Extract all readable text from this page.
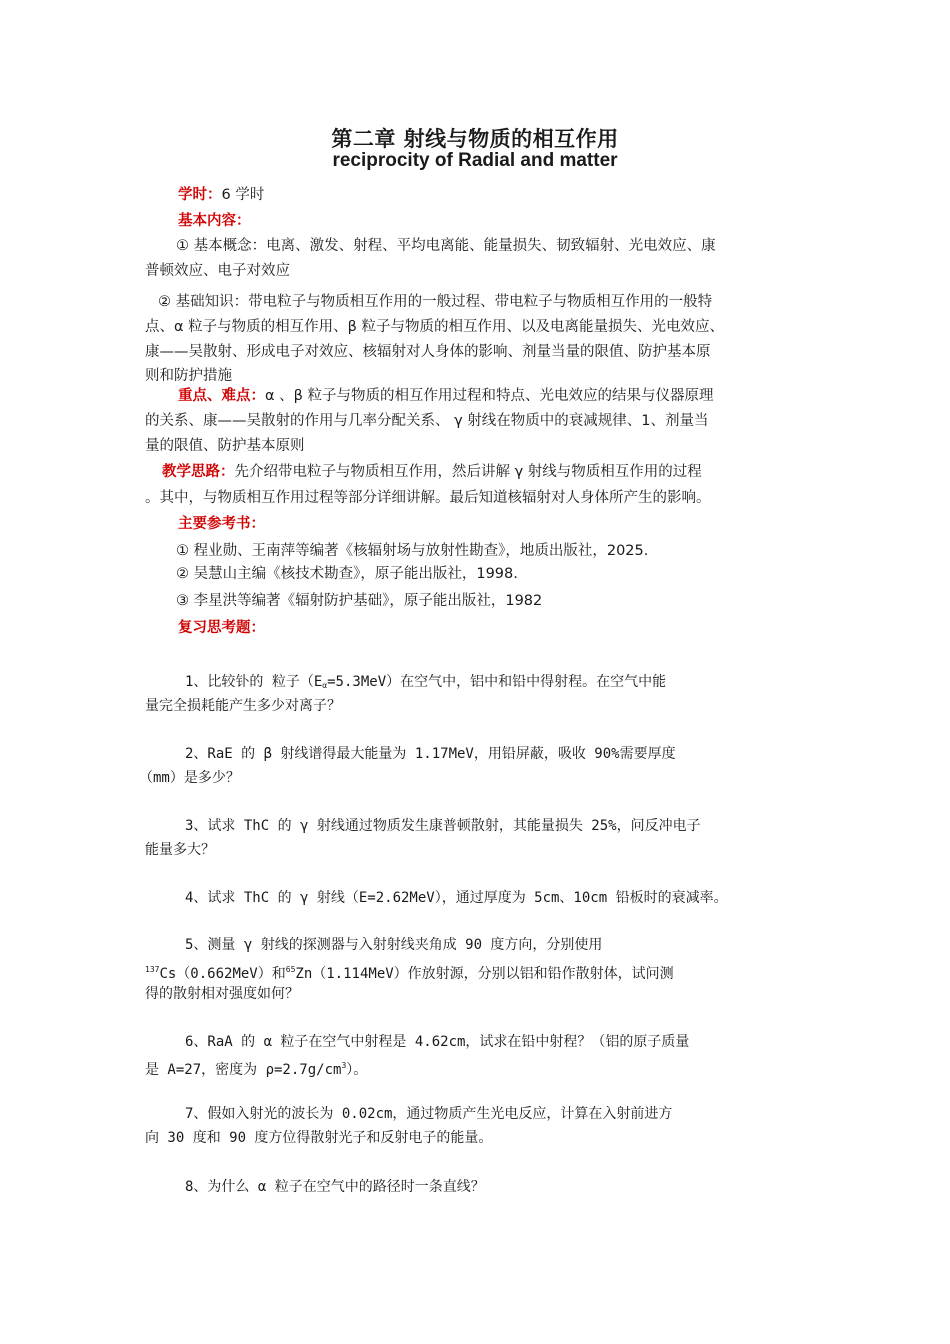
第二章 射线与物质的相互作用
reciprocity of Radial and matter
学时：6 学时
基本内容：
① 基本概念：电离、激发、射程、平均电离能、能量损失、韧致辐射、光电效应、康
普顿效应、电子对效应
② 基础知识：带电粒子与物质相互作用的一般过程、带电粒子与物质相互作用的一般特
点、α 粒子与物质的相互作用、β 粒子与物质的相互作用、以及电离能量损失、光电效应、
康——吴散射、形成电子对效应、核辐射对人身体的影响、剂量当量的限值、防护基本原
则和防护措施
重点、难点：α 、β 粒子与物质的相互作用过程和特点、光电效应的结果与仪器原理
的关系、康——吴散射的作用与几率分配关系、 γ 射线在物质中的衰减规律、1、剂量当
量的限值、防护基本原则
教学思路：先介绍带电粒子与物质相互作用，然后讲解 γ 射线与物质相互作用的过程
。其中，与物质相互作用过程等部分详细讲解。最后知道核辐射对人身体所产生的影响。
主要参考书：
① 程业勋、王南萍等编著《核辐射场与放射性勘查》，地质出版社，2025.
② 吴慧山主编《核技术勘查》，原子能出版社，1998.
③ 李星洪等编著《辐射防护基础》，原子能出版社，1982
复习思考题：
1、比较钋的 粒子$(E_\alpha=5.3MeV)$在空气中，铝中和铅中得射程。在空气中能
量完全损耗能产生多少对离子？
2、RaE 的 β 射线谱得最大能量为 1.17MeV，用铅屏蔽，吸收 90%需要厚度
（mm）是多少？
3、试求 ThC 的 γ 射线通过物质发生康普顿散射，其能量损失 25%，问反冲电子
能量多大？
4、试求 ThC 的 γ 射线（E=2.62MeV），通过厚度为 5cm、10cm 铅板时的衰减率。
5、测量 γ 射线的探测器与入射射线夹角成 90 度方向，分别使用
$^{137}$Cs（0.662MeV）和$^{65}$Zn（1.114MeV）作放射源，分别以铝和铅作散射体，试问测
得的散射相对强度如何？
6、RaA 的 α 粒子在空气中射程是 4.62cm，试求在铅中射程？（铝的原子质量
是 A=27，密度为 $\rho=2.7g/cm^3$）。
7、假如入射光的波长为 0.02cm，通过物质产生光电反应，计算在入射前进方
向 30 度和 90 度方位得散射光子和反射电子的能量。
8、为什么 α 粒子在空气中的路径时一条直线？
